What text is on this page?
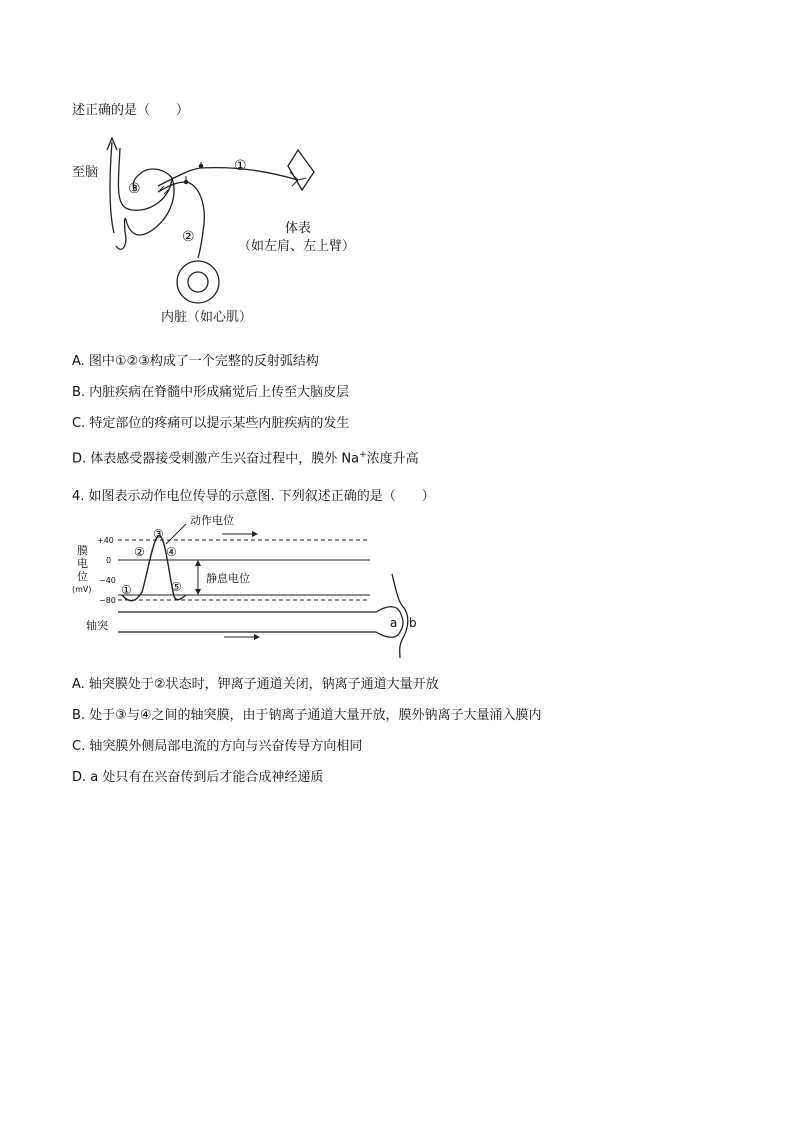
述正确的是（　　）
至脑
③
①
②
体表
（如左肩、左上臂）
内脏（如心肌）
A. 图中①②③构成了一个完整的反射弧结构
B. 内脏疾病在脊髓中形成痛觉后上传至大脑皮层
C. 特定部位的疼痛可以提示某些内脏疾病的发生
D. 体表感受器接受刺激产生兴奋过程中，膜外 Na+浓度升高
4. 如图表示动作电位传导的示意图. 下列叙述正确的是（　　）
膜
电
位
(mV)
+40
0
−40
−80
①
②
③
④
⑤
动作电位
静息电位
a b
轴突
A. 轴突膜处于②状态时，钾离子通道关闭，钠离子通道大量开放
B. 处于③与④之间的轴突膜，由于钠离子通道大量开放，膜外钠离子大量涌入膜内
C. 轴突膜外侧局部电流的方向与兴奋传导方向相同
D. a 处只有在兴奋传到后才能合成神经递质
